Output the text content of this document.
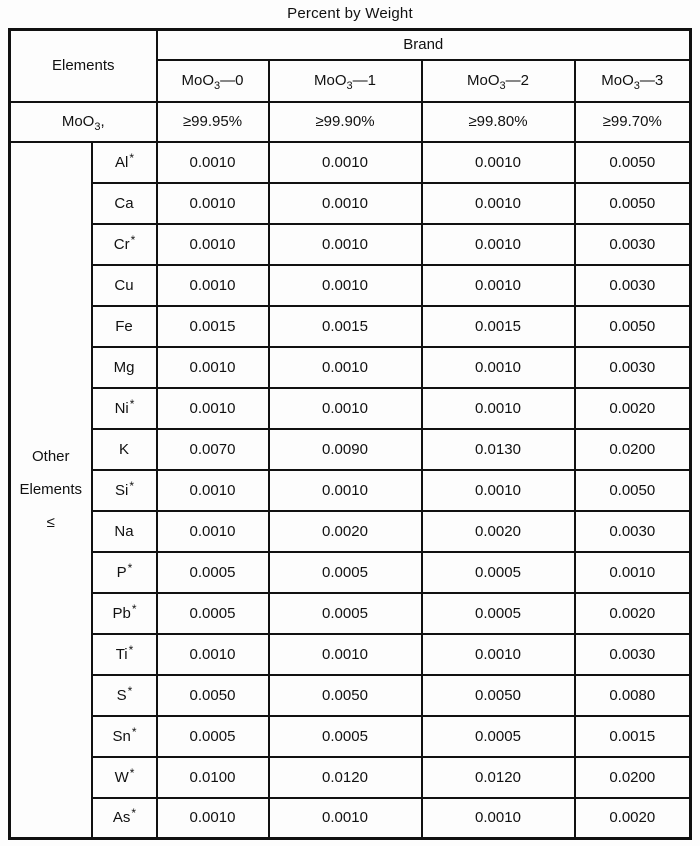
Percent by Weight
Elements		Brand			
		MoO$_3$—0	MoO$_3$—1	MoO$_3$—2	MoO$_3$—3
MoO$_3$,		≥99.95%	≥99.90%	≥99.80%	≥99.70%

Other
Elements
≤	Al*	0.0010	0.0010	0.0010	0.0050
	Ca	0.0010	0.0010	0.0010	0.0050
	Cr*	0.0010	0.0010	0.0010	0.0030
	Cu	0.0010	0.0010	0.0010	0.0030
	Fe	0.0015	0.0015	0.0015	0.0050
	Mg	0.0010	0.0010	0.0010	0.0030
	Ni*	0.0010	0.0010	0.0010	0.0020
	K	0.0070	0.0090	0.0130	0.0200
	Si*	0.0010	0.0010	0.0010	0.0050
	Na	0.0010	0.0020	0.0020	0.0030
	P*	0.0005	0.0005	0.0005	0.0010
	Pb*	0.0005	0.0005	0.0005	0.0020
	Ti*	0.0010	0.0010	0.0010	0.0030
	S*	0.0050	0.0050	0.0050	0.0080
	Sn*	0.0005	0.0005	0.0005	0.0015
	W*	0.0100	0.0120	0.0120	0.0200
	As*	0.0010	0.0010	0.0010	0.0020
